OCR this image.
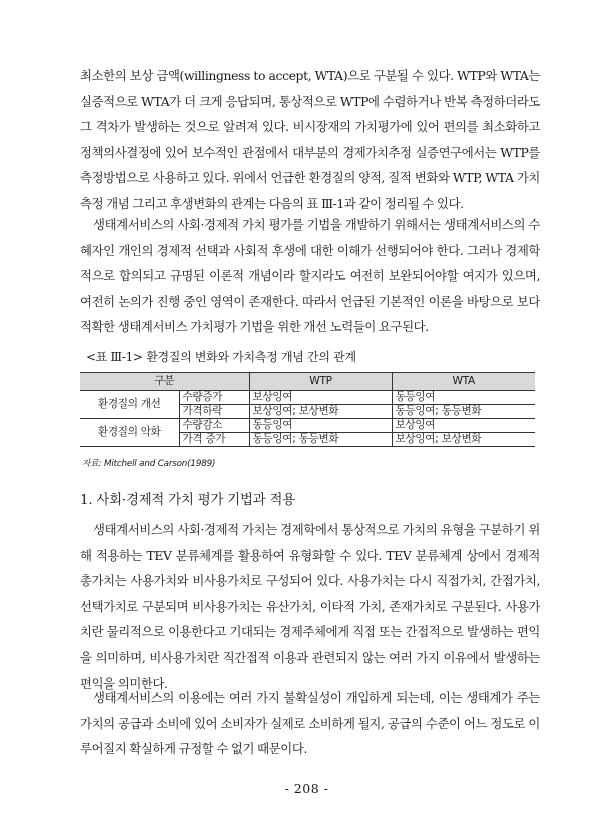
최소한의 보상 금액(willingness to accept, WTA)으로 구분될 수 있다. WTP와 WTA는 실증적으로 WTA가 더 크게 응답되며, 통상적으로 WTP에 수렴하거나 반복 측정하더라도 그 격차가 발생하는 것으로 알려져 있다. 비시장재의 가치평가에 있어 편의를 최소화하고 정책의사결정에 있어 보수적인 관점에서 대부분의 경제가치추정 실증연구에서는 WTP를 측정방법으로 사용하고 있다. 위에서 언급한 환경질의 양적, 질적 변화와 WTP, WTA 가치 측정 개념 그리고 후생변화의 관계는 다음의 표 Ⅲ-1과 같이 정리될 수 있다.

생태계서비스의 사회·경제적 가치 평가를 기법을 개발하기 위해서는 생태계서비스의 수혜자인 개인의 경제적 선택과 사회적 후생에 대한 이해가 선행되어야 한다. 그러나 경제학적으로 합의되고 규명된 이론적 개념이라 할지라도 여전히 보완되어야할 여지가 있으며, 여전히 논의가 진행 중인 영역이 존재한다. 따라서 언급된 기본적인 이론을 바탕으로 보다 적확한 생태계서비스 가치평가 기법을 위한 개선 노력들이 요구된다.

<표 Ⅲ-1> 환경질의 변화와 가치측정 개념 간의 관계
구분		WTP	WTA
환경질의 개선	수량증가	보상잉여	동등잉여
	가격하락	보상잉여; 보상변화	동등잉여; 동등변화
환경질의 악화	수량감소	동등잉여	보상잉여
	가격 증가	동등잉여; 동등변화	보상잉여; 보상변화
자료: Mitchell and Carson(1989)
1. 사회·경제적 가치 평가 기법과 적용

생태계서비스의 사회·경제적 가치는 경제학에서 통상적으로 가치의 유형을 구분하기 위해 적용하는 TEV 분류체계를 활용하여 유형화할 수 있다. TEV 분류체계 상에서 경제적 총가치는 사용가치와 비사용가치로 구성되어 있다. 사용가치는 다시 직접가치, 간접가치, 선택가치로 구분되며 비사용가치는 유산가치, 이타적 가치, 존재가치로 구분된다. 사용가치란 물리적으로 이용한다고 기대되는 경제주체에게 직접 또는 간접적으로 발생하는 편익을 의미하며, 비사용가치란 직간접적 이용과 관련되지 않는 여러 가지 이유에서 발생하는 편익을 의미한다.

생태계서비스의 이용에는 여러 가지 불확실성이 개입하게 되는데, 이는 생태계가 주는 가치의 공급과 소비에 있어 소비자가 실제로 소비하게 될지, 공급의 수준이 어느 정도로 이루어질지 확실하게 규정할 수 없기 때문이다.

- 208 -
